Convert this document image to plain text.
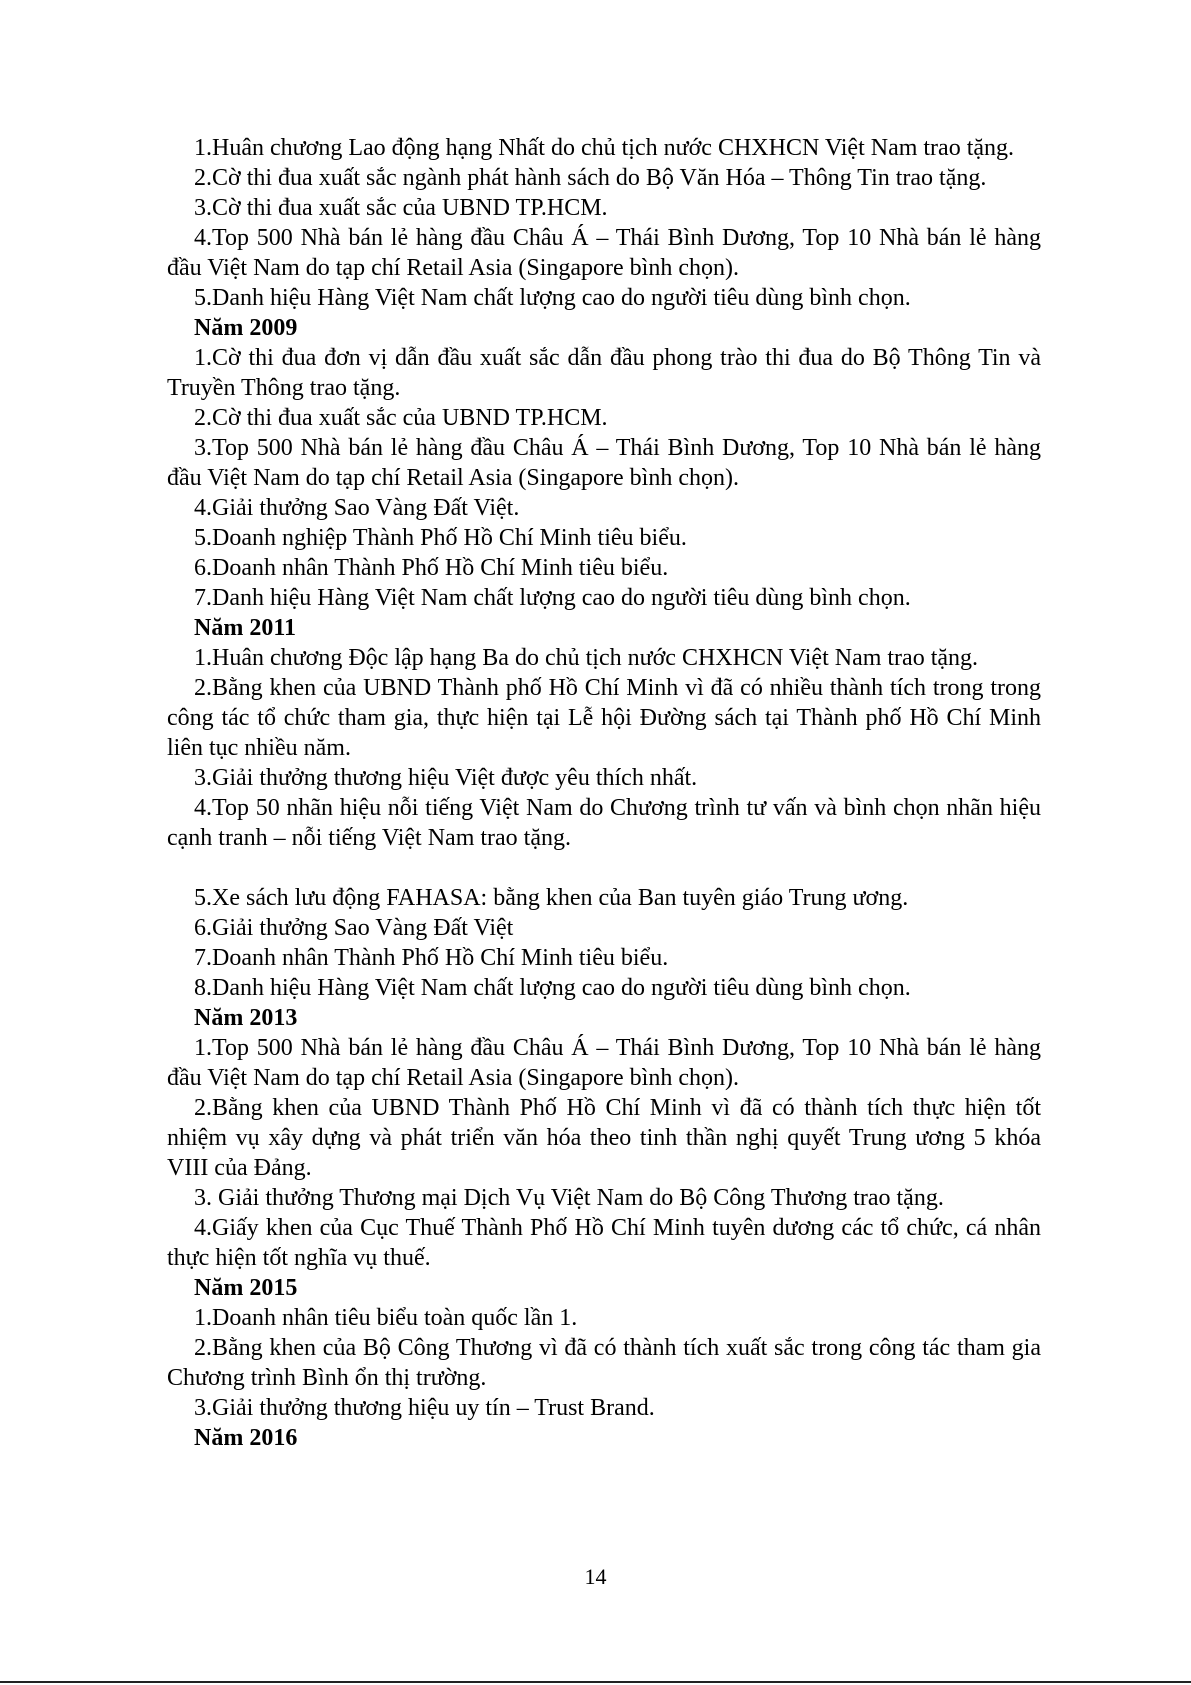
1.Huân chương Lao động hạng Nhất do chủ tịch nước CHXHCN Việt Nam trao tặng.

2.Cờ thi đua xuất sắc ngành phát hành sách do Bộ Văn Hóa – Thông Tin trao tặng.

3.Cờ thi đua xuất sắc của UBND TP.HCM.

4.Top 500 Nhà bán lẻ hàng đầu Châu Á – Thái Bình Dương, Top 10 Nhà bán lẻ hàng đầu Việt Nam do tạp chí Retail Asia (Singapore bình chọn).

5.Danh hiệu Hàng Việt Nam chất lượng cao do người tiêu dùng bình chọn.

Năm 2009

1.Cờ thi đua đơn vị dẫn đầu xuất sắc dẫn đầu phong trào thi đua do Bộ Thông Tin và Truyền Thông trao tặng.

2.Cờ thi đua xuất sắc của UBND TP.HCM.

3.Top 500 Nhà bán lẻ hàng đầu Châu Á – Thái Bình Dương, Top 10 Nhà bán lẻ hàng đầu Việt Nam do tạp chí Retail Asia (Singapore bình chọn).

4.Giải thưởng Sao Vàng Đất Việt.

5.Doanh nghiệp Thành Phố Hồ Chí Minh tiêu biểu.

6.Doanh nhân Thành Phố Hồ Chí Minh tiêu biểu.

7.Danh hiệu Hàng Việt Nam chất lượng cao do người tiêu dùng bình chọn.

Năm 2011

1.Huân chương Độc lập hạng Ba do chủ tịch nước CHXHCN Việt Nam trao tặng.

2.Bằng khen của UBND Thành phố Hồ Chí Minh vì đã có nhiều thành tích trong trong công tác tổ chức tham gia, thực hiện tại Lễ hội Đường sách tại Thành phố Hồ Chí Minh liên tục nhiều năm.

3.Giải thưởng thương hiệu Việt được yêu thích nhất.

4.Top 50 nhãn hiệu nỗi tiếng Việt Nam do Chương trình tư vấn và bình chọn nhãn hiệu cạnh tranh – nỗi tiếng Việt Nam trao tặng.

5.Xe sách lưu động FAHASA: bằng khen của Ban tuyên giáo Trung ương.

6.Giải thưởng Sao Vàng Đất Việt

7.Doanh nhân Thành Phố Hồ Chí Minh tiêu biểu.

8.Danh hiệu Hàng Việt Nam chất lượng cao do người tiêu dùng bình chọn.

Năm 2013

1.Top 500 Nhà bán lẻ hàng đầu Châu Á – Thái Bình Dương, Top 10 Nhà bán lẻ hàng đầu Việt Nam do tạp chí Retail Asia (Singapore bình chọn).

2.Bằng khen của UBND Thành Phố Hồ Chí Minh vì đã có thành tích thực hiện tốt nhiệm vụ xây dựng và phát triển văn hóa theo tinh thần nghị quyết Trung ương 5 khóa VIII của Đảng.

3. Giải thưởng Thương mại Dịch Vụ Việt Nam do Bộ Công Thương trao tặng.

4.Giấy khen của Cục Thuế Thành Phố Hồ Chí Minh tuyên dương các tổ chức, cá nhân thực hiện tốt nghĩa vụ thuế.

Năm 2015

1.Doanh nhân tiêu biểu toàn quốc lần 1.

2.Bằng khen của Bộ Công Thương vì đã có thành tích xuất sắc trong công tác tham gia Chương trình Bình ổn thị trường.

3.Giải thưởng thương hiệu uy tín – Trust Brand.

Năm 2016

14
